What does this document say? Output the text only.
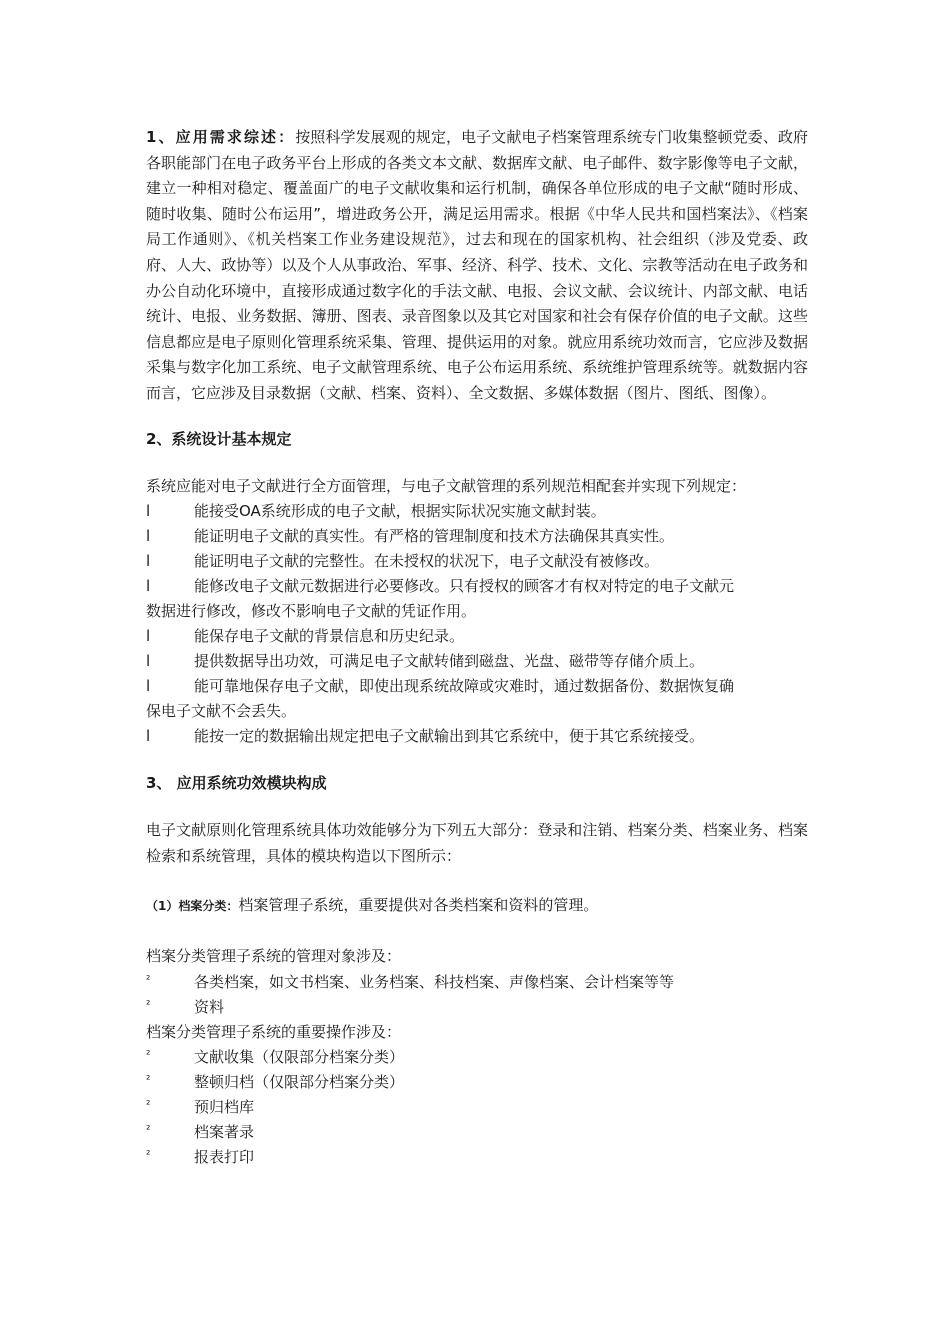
1、应用需求综述：按照科学发展观的规定，电子文献电子档案管理系统专门收集整顿党委、政府各职能部门在电子政务平台上形成的各类文本文献、数据库文献、电子邮件、数字影像等电子文献，建立一种相对稳定、覆盖面广的电子文献收集和运行机制，确保各单位形成的电子文献“随时形成、随时收集、随时公布运用”，增进政务公开，满足运用需求。根据《中华人民共和国档案法》、《档案局工作通则》、《机关档案工作业务建设规范》，过去和现在的国家机构、社会组织（涉及党委、政府、人大、政协等）以及个人从事政治、军事、经济、科学、技术、文化、宗教等活动在电子政务和办公自动化环境中，直接形成通过数字化的手法文献、电报、会议文献、会议统计、内部文献、电话统计、电报、业务数据、簿册、图表、录音图象以及其它对国家和社会有保存价值的电子文献。这些信息都应是电子原则化管理系统采集、管理、提供运用的对象。就应用系统功效而言，它应涉及数据采集与数字化加工系统、电子文献管理系统、电子公布运用系统、系统维护管理系统等。就数据内容而言，它应涉及目录数据（文献、档案、资料）、全文数据、多媒体数据（图片、图纸、图像）。

2、系统设计基本规定

系统应能对电子文献进行全方面管理，与电子文献管理的系列规范相配套并实现下列规定：

l	能接受OA系统形成的电子文献，根据实际状况实施文献封装。
l	能证明电子文献的真实性。有严格的管理制度和技术方法确保其真实性。
l	能证明电子文献的完整性。在未授权的状况下，电子文献没有被修改。
l	能修改电子文献元数据进行必要修改。只有授权的顾客才有权对特定的电子文献元
数据进行修改，修改不影响电子文献的凭证作用。
l	能保存电子文献的背景信息和历史纪录。
l	提供数据导出功效，可满足电子文献转储到磁盘、光盘、磁带等存储介质上。
l	能可靠地保存电子文献，即使出现系统故障或灾难时，通过数据备份、数据恢复确
保电子文献不会丢失。
l	能按一定的数据输出规定把电子文献输出到其它系统中，便于其它系统接受。

3、 应用系统功效模块构成

电子文献原则化管理系统具体功效能够分为下列五大部分：登录和注销、档案分类、档案业务、档案检索和系统管理，具体的模块构造以下图所示：

（1）档案分类：档案管理子系统，重要提供对各类档案和资料的管理。

档案分类管理子系统的管理对象涉及：

²	各类档案，如文书档案、业务档案、科技档案、声像档案、会计档案等等
²	资料

档案分类管理子系统的重要操作涉及：

²	文献收集（仅限部分档案分类）
²	整顿归档（仅限部分档案分类）
²	预归档库
²	档案著录
²	报表打印
